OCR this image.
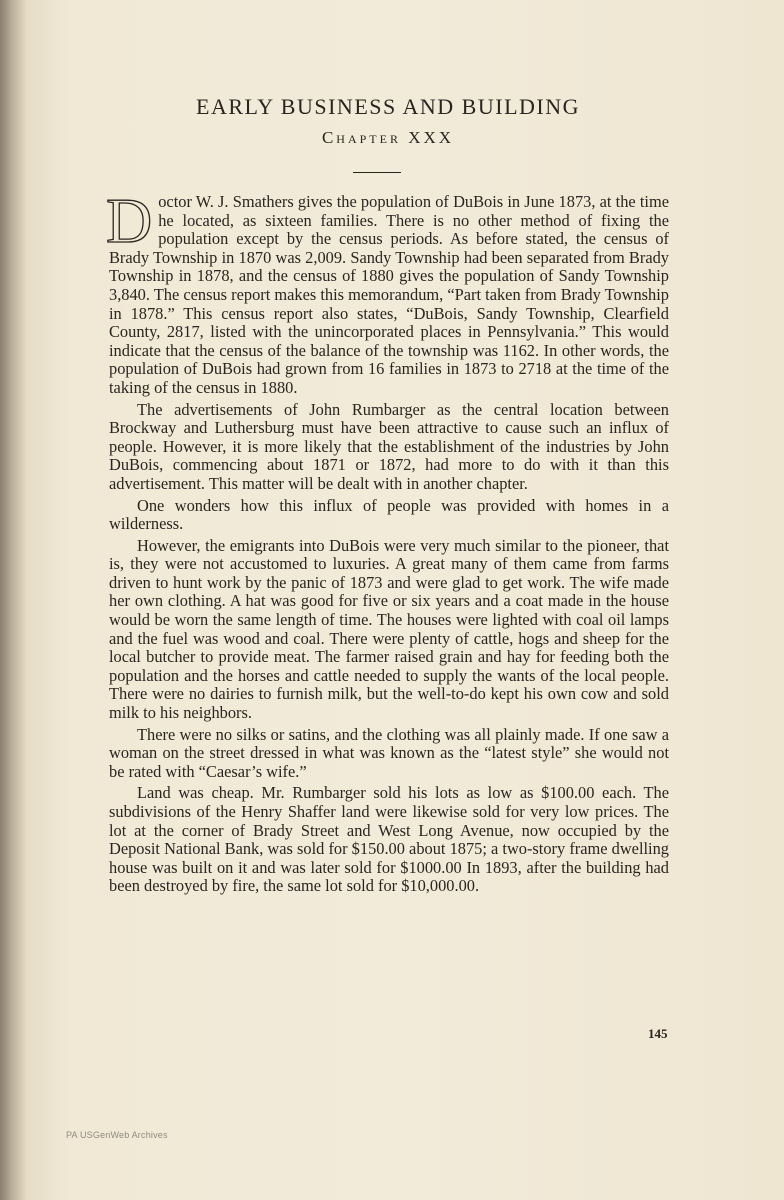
EARLY BUSINESS AND BUILDING
Chapter XXX

Doctor W. J. Smathers gives the population of DuBois in June 1873, at the time he located, as sixteen families. There is no other method of fixing the population except by the census periods. As before stated, the census of Brady Township in 1870 was 2,009. Sandy Township had been separated from Brady Township in 1878, and the census of 1880 gives the population of Sandy Township 3,840. The census report makes this memorandum, “Part taken from Brady Township in 1878.” This census report also states, “DuBois, Sandy Township, Clearfield County, 2817, listed with the unincorporated places in Pennsylvania.” This would indicate that the census of the balance of the township was 1162. In other words, the population of DuBois had grown from 16 families in 1873 to 2718 at the time of the taking of the census in 1880.

The advertisements of John Rumbarger as the central location between Brockway and Luthersburg must have been attractive to cause such an influx of people. However, it is more likely that the establishment of the industries by John DuBois, commencing about 1871 or 1872, had more to do with it than this advertisement. This matter will be dealt with in another chapter.

One wonders how this influx of people was provided with homes in a wilderness.

However, the emigrants into DuBois were very much similar to the pioneer, that is, they were not accustomed to luxuries. A great many of them came from farms driven to hunt work by the panic of 1873 and were glad to get work. The wife made her own clothing. A hat was good for five or six years and a coat made in the house would be worn the same length of time. The houses were lighted with coal oil lamps and the fuel was wood and coal. There were plenty of cattle, hogs and sheep for the local butcher to provide meat. The farmer raised grain and hay for feeding both the population and the horses and cattle needed to supply the wants of the local people. There were no dairies to furnish milk, but the well-to-do kept his own cow and sold milk to his neighbors.

There were no silks or satins, and the clothing was all plainly made. If one saw a woman on the street dressed in what was known as the “latest style” she would not be rated with “Caesar’s wife.”

Land was cheap. Mr. Rumbarger sold his lots as low as $100.00 each. The subdivisions of the Henry Shaffer land were likewise sold for very low prices. The lot at the corner of Brady Street and West Long Avenue, now occupied by the Deposit National Bank, was sold for $150.00 about 1875; a two-story frame dwelling house was built on it and was later sold for $1000.00 In 1893, after the building had been destroyed by fire, the same lot sold for $10,000.00.

145
PA USGenWeb Archives
